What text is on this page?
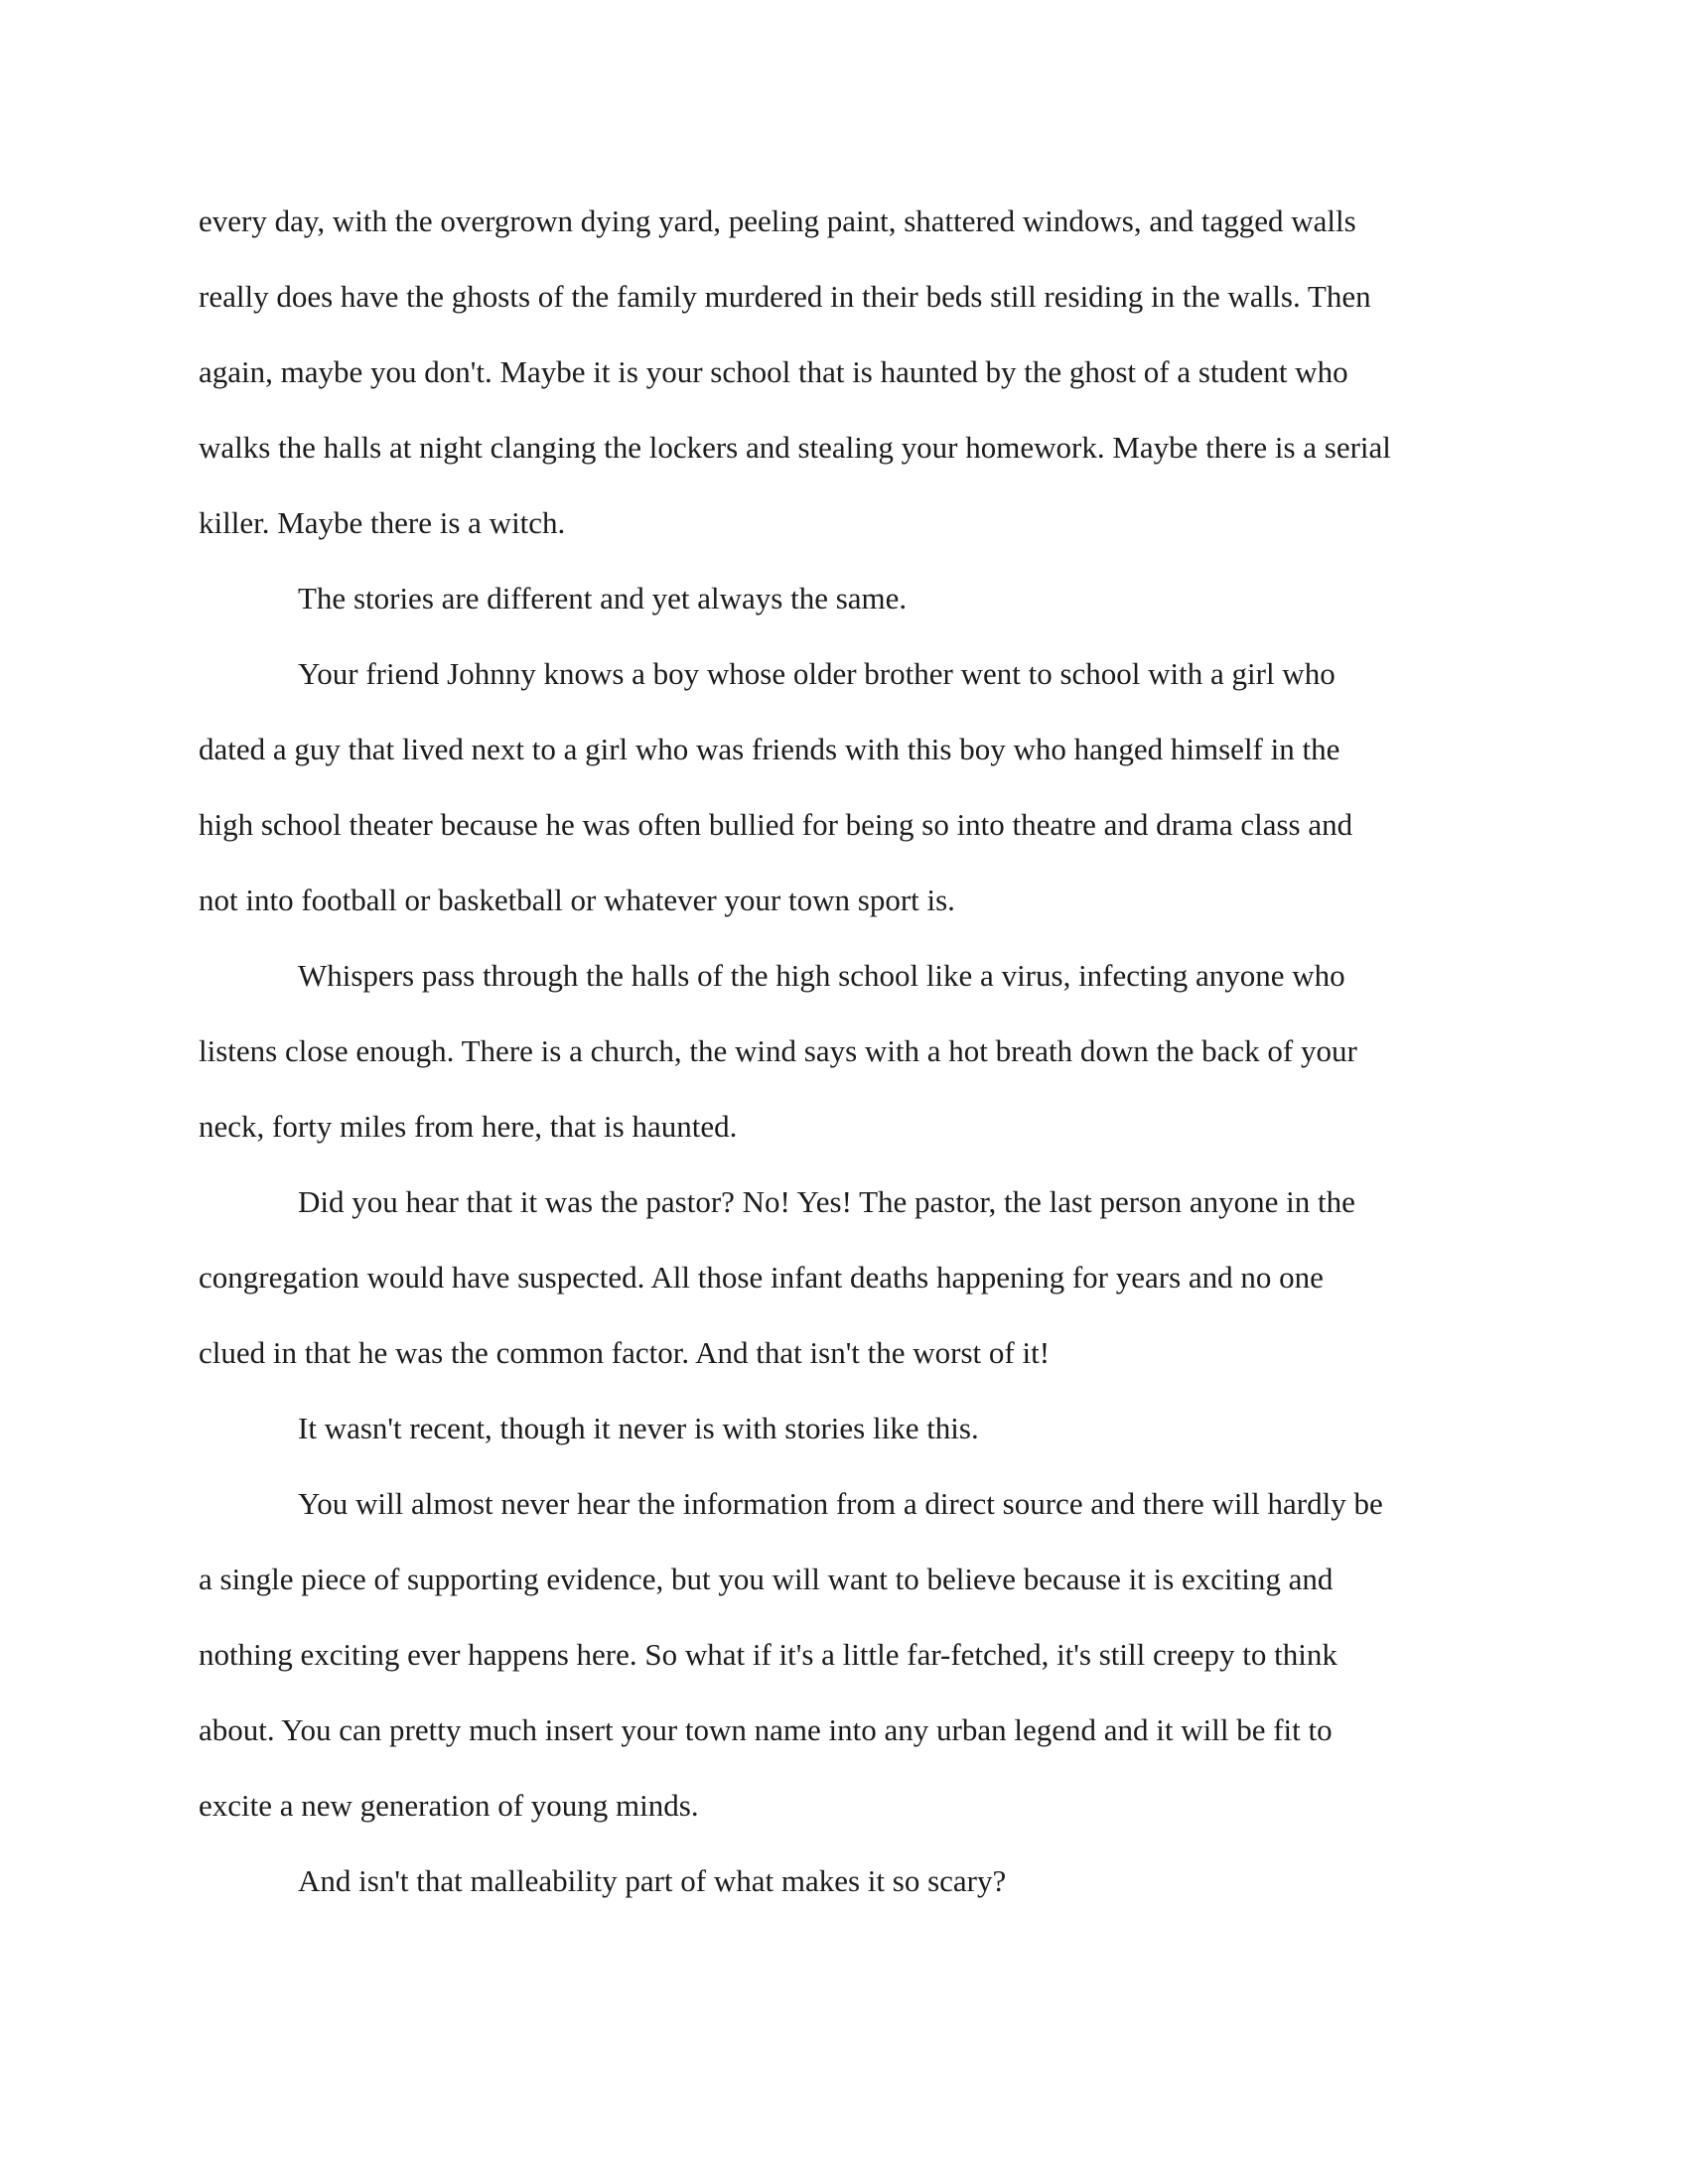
every day, with the overgrown dying yard, peeling paint, shattered windows, and tagged walls
really does have the ghosts of the family murdered in their beds still residing in the walls. Then
again, maybe you don't. Maybe it is your school that is haunted by the ghost of a student who
walks the halls at night clanging the lockers and stealing your homework. Maybe there is a serial
killer. Maybe there is a witch.

The stories are different and yet always the same.

Your friend Johnny knows a boy whose older brother went to school with a girl who
dated a guy that lived next to a girl who was friends with this boy who hanged himself in the
high school theater because he was often bullied for being so into theatre and drama class and
not into football or basketball or whatever your town sport is.

Whispers pass through the halls of the high school like a virus, infecting anyone who
listens close enough. There is a church, the wind says with a hot breath down the back of your
neck, forty miles from here, that is haunted.

Did you hear that it was the pastor? No! Yes! The pastor, the last person anyone in the
congregation would have suspected. All those infant deaths happening for years and no one
clued in that he was the common factor. And that isn't the worst of it!

It wasn't recent, though it never is with stories like this.

You will almost never hear the information from a direct source and there will hardly be
a single piece of supporting evidence, but you will want to believe because it is exciting and
nothing exciting ever happens here. So what if it's a little far-fetched, it's still creepy to think
about. You can pretty much insert your town name into any urban legend and it will be fit to
excite a new generation of young minds.

And isn't that malleability part of what makes it so scary?
